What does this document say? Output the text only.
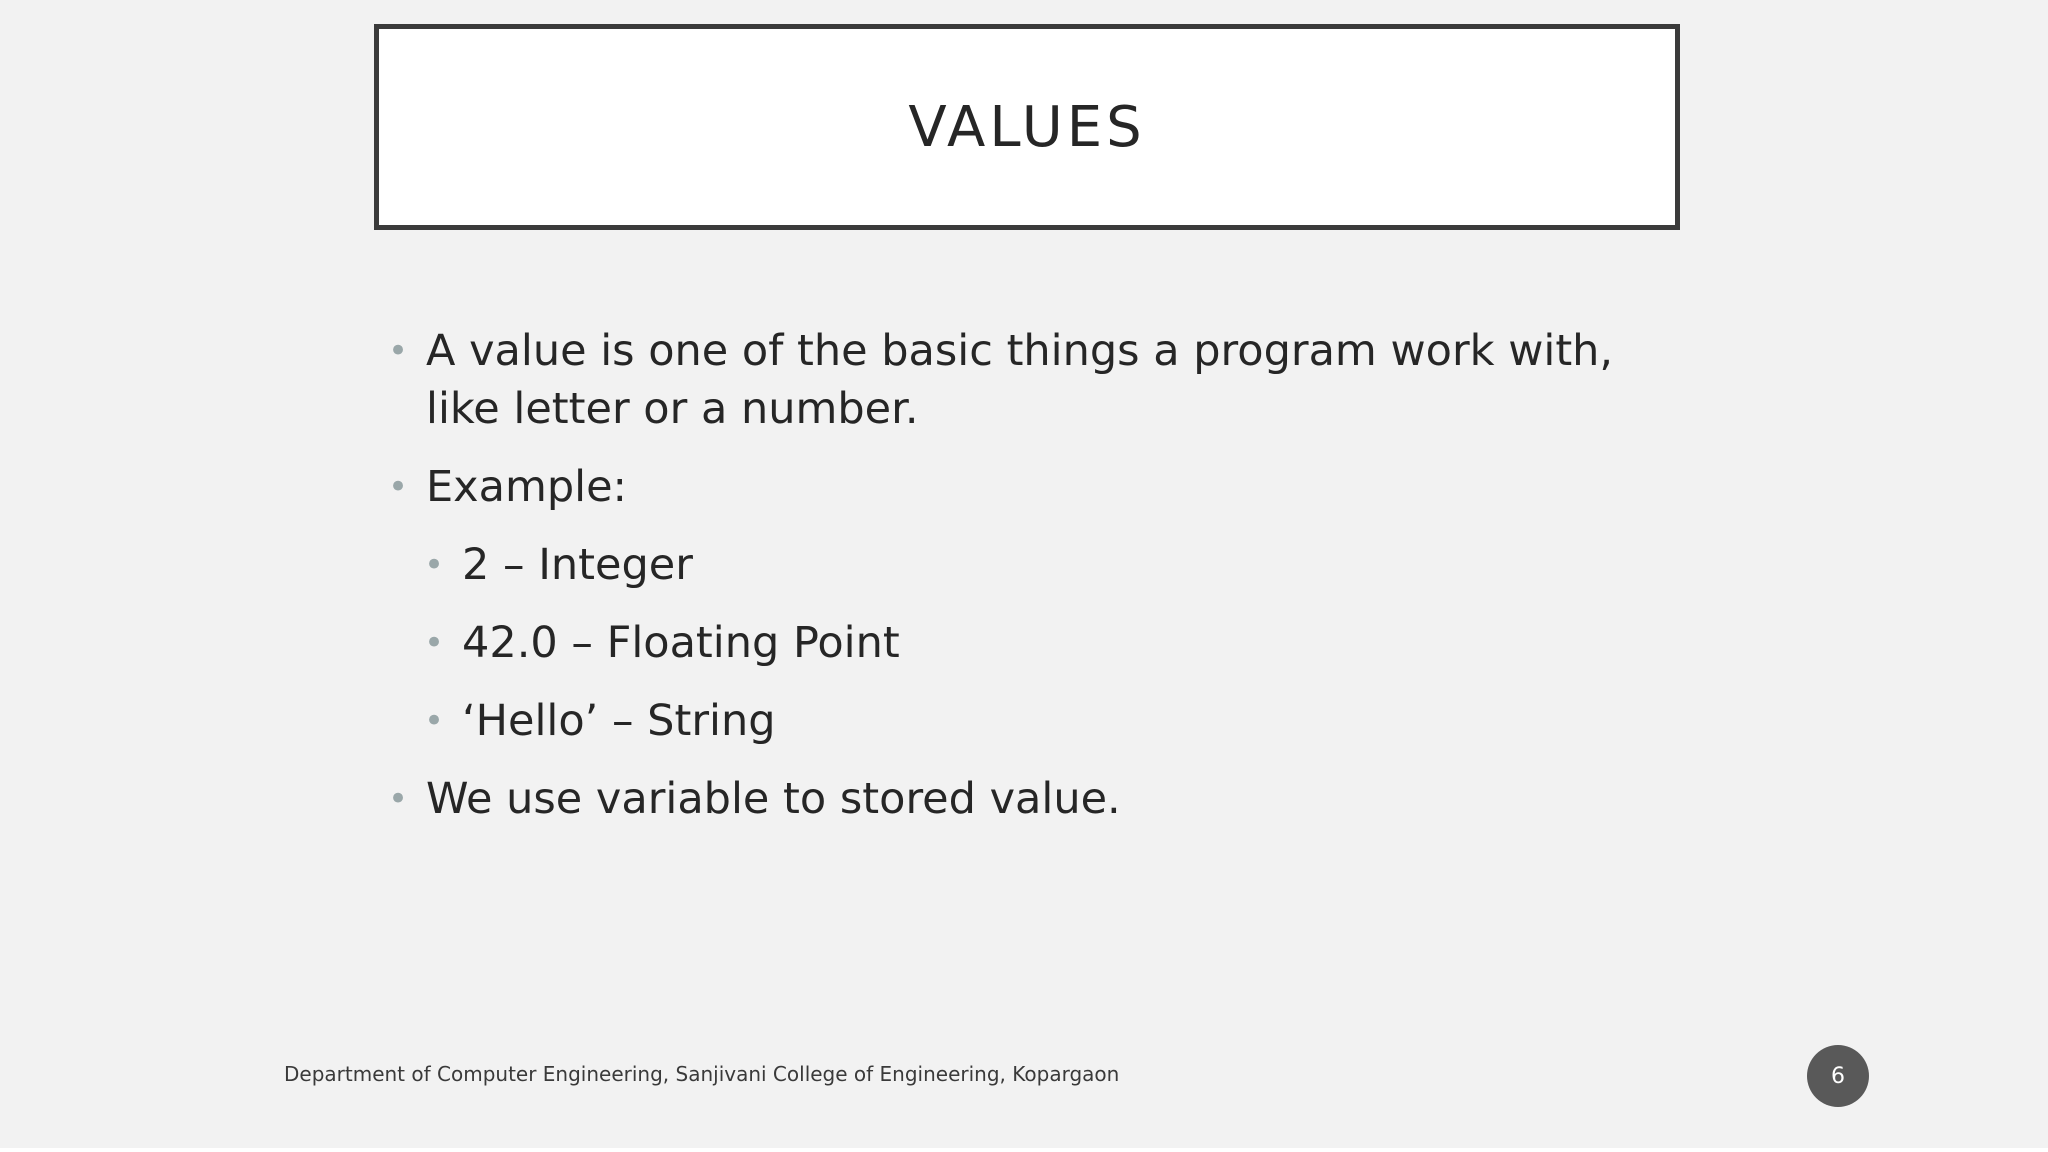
VALUES
• A value is one of the basic things a program work with, like letter or a number.
• Example:
• 2 – Integer
• 42.0 – Floating Point
• ‘Hello’ – String
• We use variable to stored value.
Department of Computer Engineering, Sanjivani College of Engineering, Kopargaon	6
